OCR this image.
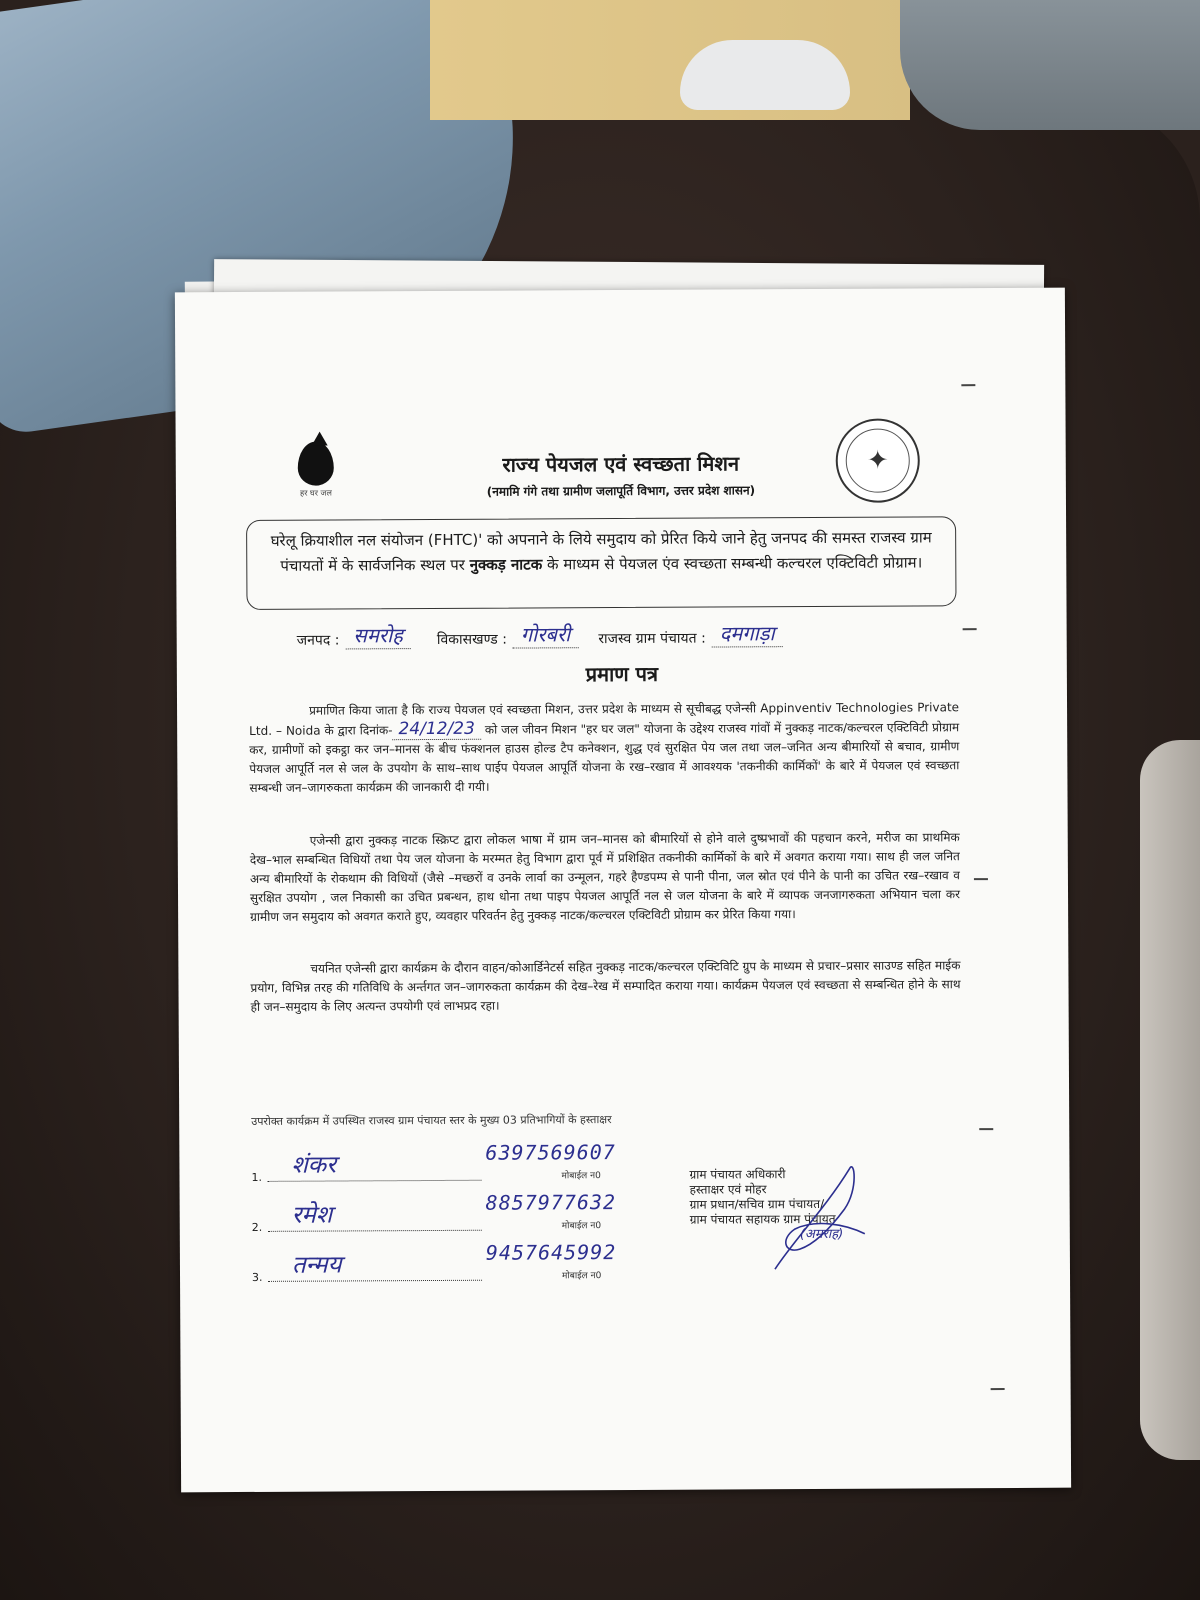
हर घर जल
राज्य पेयजल एवं स्वच्छता मिशन
(नमामि गंगे तथा ग्रामीण जलापूर्ति विभाग, उत्तर प्रदेश शासन)
✦
घरेलू क्रियाशील नल संयोजन (FHTC)' को अपनाने के लिये समुदाय को प्रेरित किये जाने हेतु जनपद की समस्त राजस्व ग्राम पंचायतों में के सार्वजनिक स्थल पर नुक्कड़ नाटक के माध्यम से पेयजल एंव स्वच्छता सम्बन्धी कल्चरल एक्टिविटी प्रोग्राम।
जनपद : समरोह	विकासखण्ड : गोरबरी	राजस्व ग्राम पंचायत : दमगाड़ा
प्रमाण पत्र
प्रमाणित किया जाता है कि राज्य पेयजल एवं स्वच्छता मिशन, उत्तर प्रदेश के माध्यम से सूचीबद्ध एजेन्सी Appinventiv Technologies Private Ltd. – Noida के द्वारा दिनांक- 24/12/23 को जल जीवन मिशन "हर घर जल" योजना के उद्देश्य राजस्व गांवों में नुक्कड़ नाटक/कल्चरल एक्टिविटी प्रोग्राम कर, ग्रामीणों को इकट्ठा कर जन–मानस के बीच फंक्शनल हाउस होल्ड टैप कनेक्शन, शुद्ध एवं सुरक्षित पेय जल तथा जल–जनित अन्य बीमारियों से बचाव, ग्रामीण पेयजल आपूर्ति नल से जल के उपयोग के साथ–साथ पाईप पेयजल आपूर्ति योजना के रख–रखाव में आवश्यक 'तकनीकी कार्मिकों' के बारे में पेयजल एवं स्वच्छता सम्बन्धी जन–जागरुकता कार्यक्रम की जानकारी दी गयी।
एजेन्सी द्वारा नुक्कड़ नाटक स्क्रिप्ट द्वारा लोकल भाषा में ग्राम जन–मानस को बीमारियों से होने वाले दुष्प्रभावों की पहचान करने, मरीज का प्राथमिक देख–भाल सम्बन्धित विधियों तथा पेय जल योजना के मरम्मत हेतु विभाग द्वारा पूर्व में प्रशिक्षित तकनीकी कार्मिकों के बारे में अवगत कराया गया। साथ ही जल जनित अन्य बीमारियों के रोकथाम की विधियों (जैसे –मच्छरों व उनके लार्वा का उन्मूलन, गहरे हैण्डपम्प से पानी पीना, जल स्रोत एवं पीने के पानी का उचित रख–रखाव व सुरक्षित उपयोग , जल निकासी का उचित प्रबन्धन, हाथ धोना तथा पाइप पेयजल आपूर्ति नल से जल योजना के बारे में व्यापक जनजागरुकता अभियान चला कर ग्रामीण जन समुदाय को अवगत कराते हुए, व्यवहार परिवर्तन हेतु नुक्कड़ नाटक/कल्चरल एक्टिविटी प्रोग्राम कर प्रेरित किया गया।
चयनित एजेन्सी द्वारा कार्यक्रम के दौरान वाहन/कोआर्डिनेटर्स सहित नुक्कड़ नाटक/कल्चरल एक्टिविटि ग्रुप के माध्यम से प्रचार–प्रसार साउण्ड सहित माईक प्रयोग, विभिन्न तरह की गतिविधि के अर्न्तगत जन–जागरुकता कार्यक्रम की देख–रेख में सम्पादित कराया गया। कार्यक्रम पेयजल एवं स्वच्छता से सम्बन्धित होने के साथ ही जन–समुदाय के लिए अत्यन्त उपयोगी एवं लाभप्रद रहा।
उपरोक्त कार्यक्रम में उपस्थित राजस्व ग्राम पंचायत स्तर के मुख्य 03 प्रतिभागियों के हस्ताक्षर
1.	शंकर	6397569607
मोबाईल न0
2.	रमेश	8857977632
मोबाईल न0
3.	तन्मय	9457645992
मोबाईल न0
ग्राम पंचायत अधिकारी
हस्ताक्षर एवं मोहर
ग्राम प्रधान/सचिव ग्राम पंचायत/
ग्राम पंचायत सहायक ग्राम पंचायत
(अमराह)
